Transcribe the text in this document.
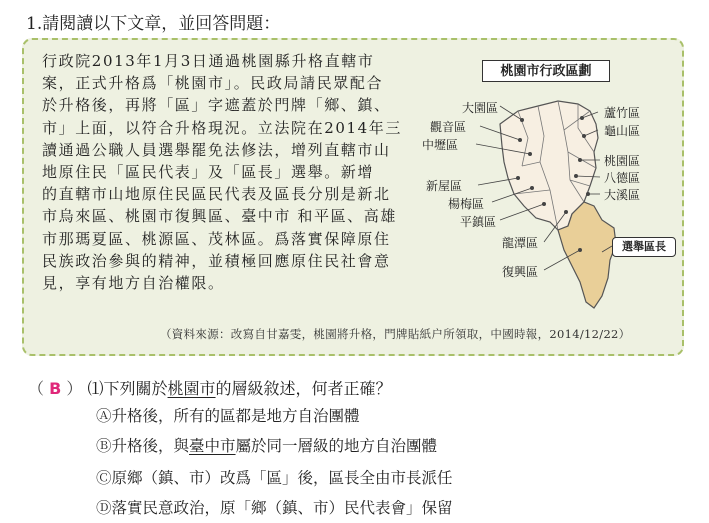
1.請閱讀以下文章，並回答問題：
行政院2013年1月3日通過桃園縣升格直轄市
案，正式升格爲「桃園市」。民政局請民眾配合
於升格後，再將「區」字遮蓋於門牌「鄉、鎮、
市」上面，以符合升格現況。立法院在2014年三
讀通過公職人員選舉罷免法修法，增列直轄市山
地原住民「區民代表」及「區長」選舉。新增
的直轄市山地原住民區民代表及區長分別是新北
市烏來區、桃園市復興區、臺中市 和平區、高雄
市那瑪夏區、桃源區、茂林區。爲落實保障原住
民族政治參與的精神，並積極回應原住民社會意
見，享有地方自治權限。
（資料來源：改寫自甘嘉雯，桃園將升格，門牌貼紙户所領取，中國時報，2014/12/22）
桃園市行政區劃
大園區
觀音區
中壢區
新屋區
楊梅區
平鎮區
龍潭區
復興區
蘆竹區
龜山區
桃園區
八德區
大溪區
選舉區長
（ B ） ⑴下列關於桃園市的層級敘述，何者正確？
Ⓐ升格後，所有的區都是地方自治團體
Ⓑ升格後，與臺中市屬於同一層級的地方自治團體
Ⓒ原鄉（鎮、市）改爲「區」後，區長全由市長派任
Ⓓ落實民意政治，原「鄉（鎮、市）民代表會」保留
